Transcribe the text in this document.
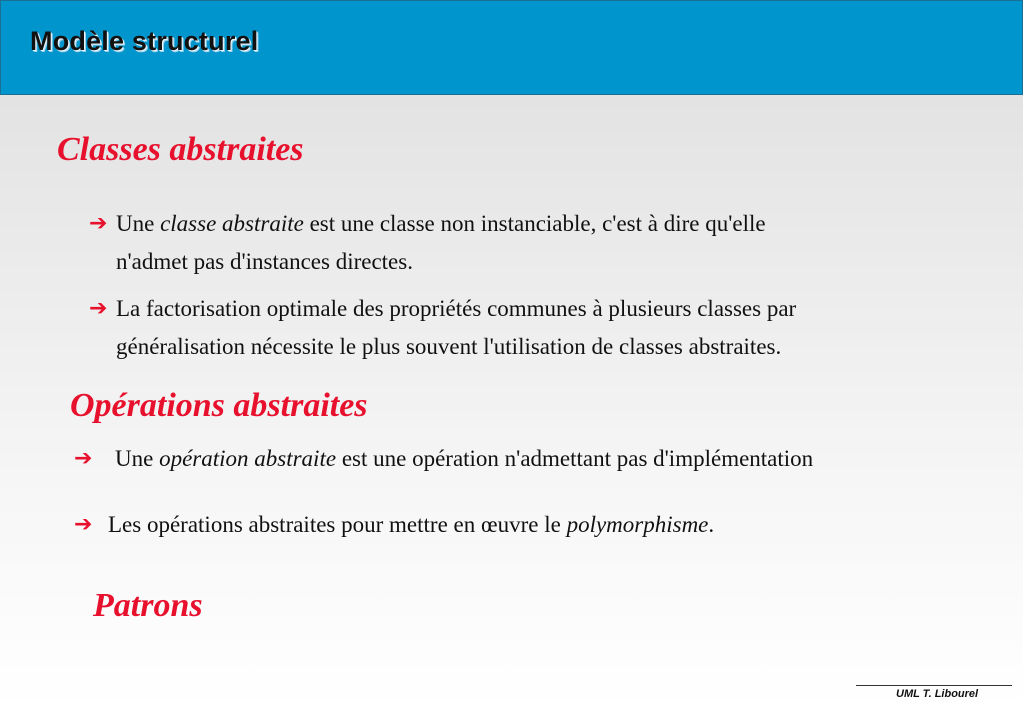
Modèle structurel
Classes abstraites
➔ Une classe abstraite est une classe non instanciable, c'est à dire qu'elle
n'admet pas d'instances directes.
➔ La factorisation optimale des propriétés communes à plusieurs classes par
généralisation nécessite le plus souvent l'utilisation de classes abstraites.
Opérations abstraites
➔ Une opération abstraite est une opération n'admettant pas d'implémentation
➔ Les opérations abstraites pour mettre en œuvre le polymorphisme.
Patrons
UML T. Libourel
